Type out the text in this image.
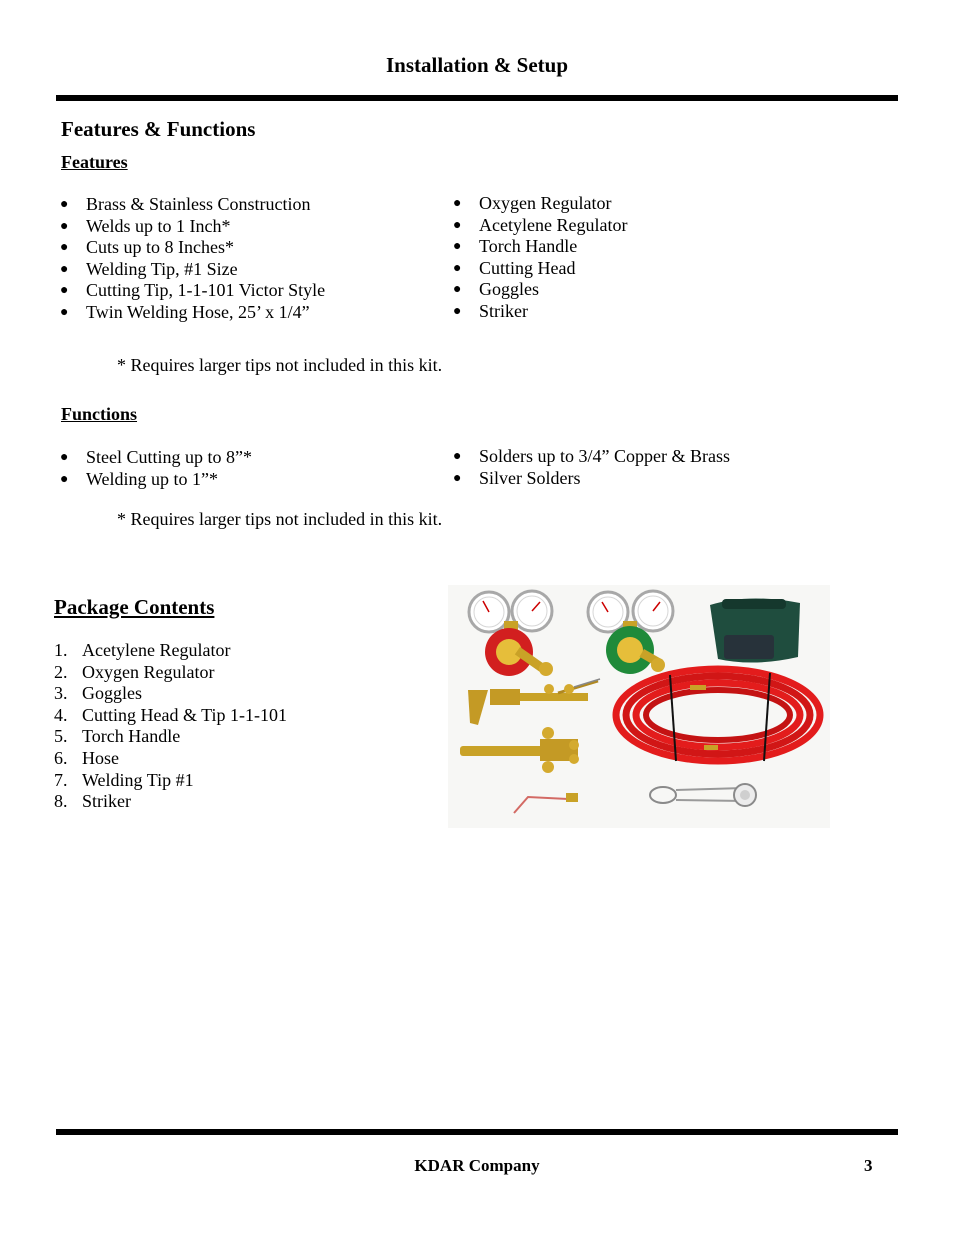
Installation & Setup
Features & Functions
Features
● Brass & Stainless Construction
● Welds up to 1 Inch*
● Cuts up to 8 Inches*
● Welding Tip, #1 Size
● Cutting Tip, 1-1-101 Victor Style
● Twin Welding Hose, 25’ x 1/4”
● Oxygen Regulator
● Acetylene Regulator
● Torch Handle
● Cutting Head
● Goggles
● Striker
* Requires larger tips not included in this kit.
Functions
● Steel Cutting up to 8”*
● Welding up to 1”*
● Solders up to 3/4” Copper & Brass
● Silver Solders
* Requires larger tips not included in this kit.
Package Contents
1. Acetylene Regulator
2. Oxygen Regulator
3. Goggles
4. Cutting Head & Tip 1-1-101
5. Torch Handle
6. Hose
7. Welding Tip #1
8. Striker
KDAR Company	3
